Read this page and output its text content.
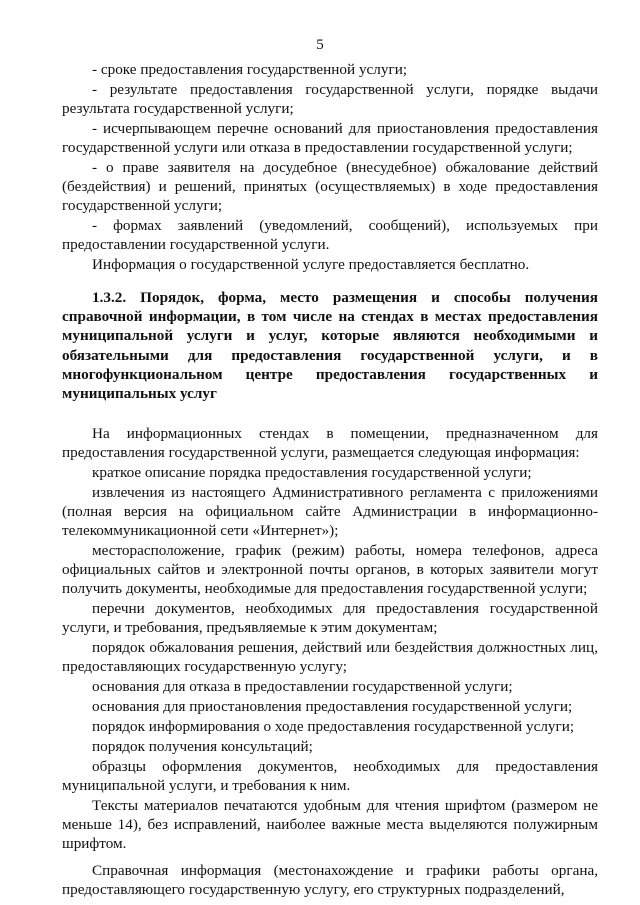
5

- сроке предоставления государственной услуги;

- результате предоставления государственной услуги, порядке выдачи результата государственной услуги;

- исчерпывающем перечне оснований для приостановления предоставления государственной услуги или отказа в предоставлении государственной услуги;

- о праве заявителя на досудебное (внесудебное) обжалование действий (бездействия) и решений, принятых (осуществляемых) в ходе предоставления государственной услуги;

- формах заявлений (уведомлений, сообщений), используемых при предоставлении государственной услуги.

Информация о государственной услуге предоставляется бесплатно.

1.3.2. Порядок, форма, место размещения и способы получения справочной информации, в том числе на стендах в местах предоставления муниципальной услуги и услуг, которые являются необходимыми и обязательными для предоставления государственной услуги, и в многофункциональном центре предоставления государственных и муниципальных услуг

На информационных стендах в помещении, предназначенном для предоставления государственной услуги, размещается следующая информация:

краткое описание порядка предоставления государственной услуги;

извлечения из настоящего Административного регламента с приложениями (полная версия на официальном сайте Администрации в информационно-телекоммуникационной сети «Интернет»);

месторасположение, график (режим) работы, номера телефонов, адреса официальных сайтов и электронной почты органов, в которых заявители могут получить документы, необходимые для предоставления государственной услуги;

перечни документов, необходимых для предоставления государственной услуги, и требования, предъявляемые к этим документам;

порядок обжалования решения, действий или бездействия должностных лиц, предоставляющих государственную услугу;

основания для отказа в предоставлении государственной услуги;

основания для приостановления предоставления государственной услуги;

порядок информирования о ходе предоставления государственной услуги;

порядок получения консультаций;

образцы оформления документов, необходимых для предоставления муниципальной услуги, и требования к ним.

Тексты материалов печатаются удобным для чтения шрифтом (размером не меньше 14), без исправлений, наиболее важные места выделяются полужирным шрифтом.

Справочная информация (местонахождение и графики работы органа, предоставляющего государственную услугу, его структурных подразделений,
